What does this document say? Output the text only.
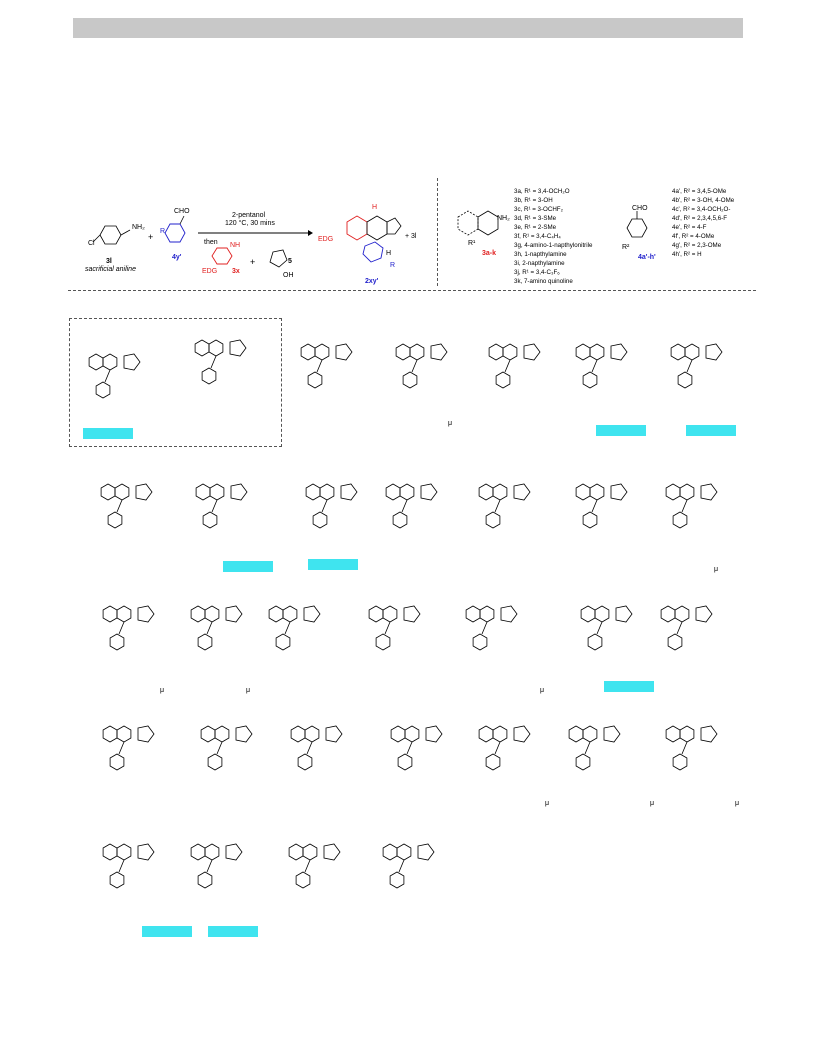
NH₂
Cl
3l
sacrificial aniline
+
CHO
R
4y'
2-pentanol
120 °C, 30 mins
then NH
EDG 3x
+	5
OH
H
EDG
H
R
2xy'
+ 3l
NH₂
R¹
3a-k
3a, R¹ = 3,4-OCH₂O
3b, R¹ = 3-OH
3c, R¹ = 3-OCHF₂
3d, R¹ = 3-SMe
3e, R¹ = 2-SMe
3f, R¹ = 3,4-C₄H₄
3g, 4-amino-1-napthylonitrile
3h, 1-napthylamine
3i, 2-napthylamine
3j, R¹ = 3,4-C₃F₆
3k, 7-amino quinoline
CHO
R²
4a'-h'
4a', R² = 3,4,5-OMe
4b', R² = 3-OH, 4-OMe
4c', R² = 3,4-OCH₂O-
4d', R² = 2,3,4,5,6-F
4e', R² = 4-F
4f', R² = 4-OMe
4g', R² = 2,3-OMe
4h', R² = H
μ
μ
μ	μ	μ
μ	μ	μ
